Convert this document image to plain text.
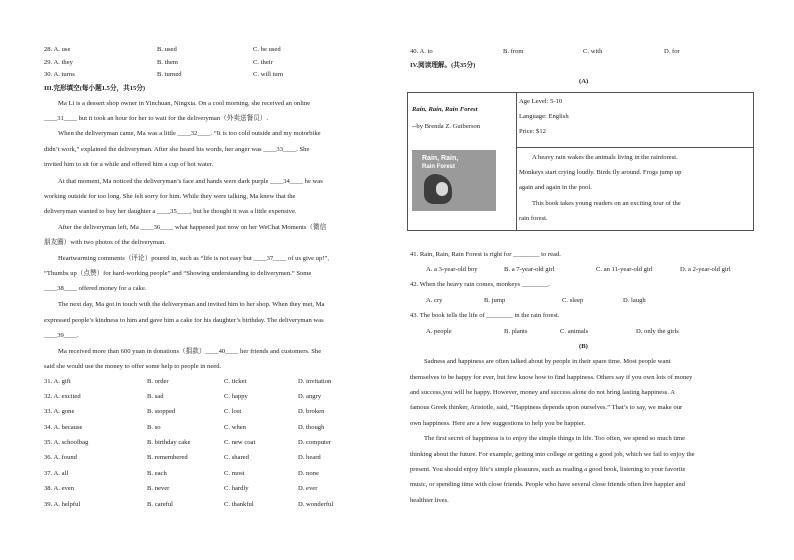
28. A. use	B. used	C. be used
29. A. they	B. them	C. their
30. A. turns	B. turned	C. will turn
III.完形填空(每小题1.5分，共15分)
Ma Li is a dessert shop owner in Yinchuan, Ningxia. On a cool morning, she received an online
____31____ but it took an hour for her to wait for the deliveryman（外卖送餐员）.
When the deliveryman came, Ma was a little ____32____. “It is too cold outside and my motorbike
didn’t work,” explained the deliveryman. After she heard his words, her anger was ____33____. She
invited him to sit for a while and offered him a cup of hot water.
At that moment, Ma noticed the deliveryman’s face and hands were dark purple ____34____ he was
working outside for too long. She felt sorry for him. While they were talking, Ma knew that the
deliveryman wanted to buy her daughter a ____35____, but he thought it was a little expensive.
After the deliveryman left, Ma ____36____ what happened just now on her WeChat Moments（微信
朋友圈）with two photos of the deliveryman.
Heartwarming comments（评论）poured in, such as “life is not easy but ____37____ of us give up!”,
“Thumbs up（点赞）for hard-working people” and “Showing understanding to deliverymen.” Some
____38____ offered money for a cake.
The next day, Ma got in touch with the deliveryman and invited him to her shop. When they met, Ma
expressed people’s kindness to him and gave him a cake for his daughter’s birthday. The deliveryman was
____39____.
Ma received more than 600 yuan in donations（捐款）____40____ her friends and customers. She
said she would use the money to offer some help to people in need.
31. A. gift	B. order	C. ticket	D. invitation
32. A. excited	B. sad	C. happy	D. angry
33. A. gone	B. stopped	C. lost	D. broken
34. A. because	B. so	C. when	D. though
35. A. schoolbag	B. birthday cake	C. new coat	D. computer
36. A. found	B. remembered	C. shared	D. heard
37. A. all	B. each	C. most	D. none
38. A. even	B. never	C. hardly	D. ever
39. A. helpful	B. careful	C. thankful	D. wonderful
40. A. to	B. from	C. with	D. for
IV.阅读理解。(共35分)
(A)
Rain, Rain, Rain Forest
--by Brenda Z. Guiberson
Rain, Rain,
Rain Forest
Age Level: 5-10
Language: English
Price: $12
A heavy rain wakes the animals living in the rainforest.
Monkeys start crying loudly. Birds fly around. Frogs jump up
again and again in the pool.
This book takes young readers on an exciting tour of the
rain forest.
41. Rain, Rain, Rain Forest is right for ________ to read.
A. a 3-year-old boy	B. a 7-year-old girl	C. an 11-year-old girl	D. a 2-year-old girl
42. When the heavy rain comes, monkeys ________.
A. cry	B. jump	C. sleep	D. laugh
43. The book tells the life of ________ in the rain forest.
A. people	B. plants	C. animals	D. only the girls
(B)
Sadness and happiness are often talked about by people in their spare time. Most people want
themselves to be happy for ever, but few know how to find happiness. Others say if you own lots of money
and success,you will be happy. However, money and success alone do not bring lasting happiness. A
famous Greek thinker, Aristotle, said, “Happiness depends upon ourselves.” That’s to say, we make our
own happiness. Here are a few suggestions to help you be happier.
The first secret of happiness is to enjoy the simple things in life. Too often, we spend so much time
thinking about the future. For example, getting into college or getting a good job, which we fail to enjoy the
present. You should enjoy life’s simple pleasures, such as reading a good book, listening to your favorite
music, or spending time with close friends. People who have several close friends often live happier and
healthier lives.
